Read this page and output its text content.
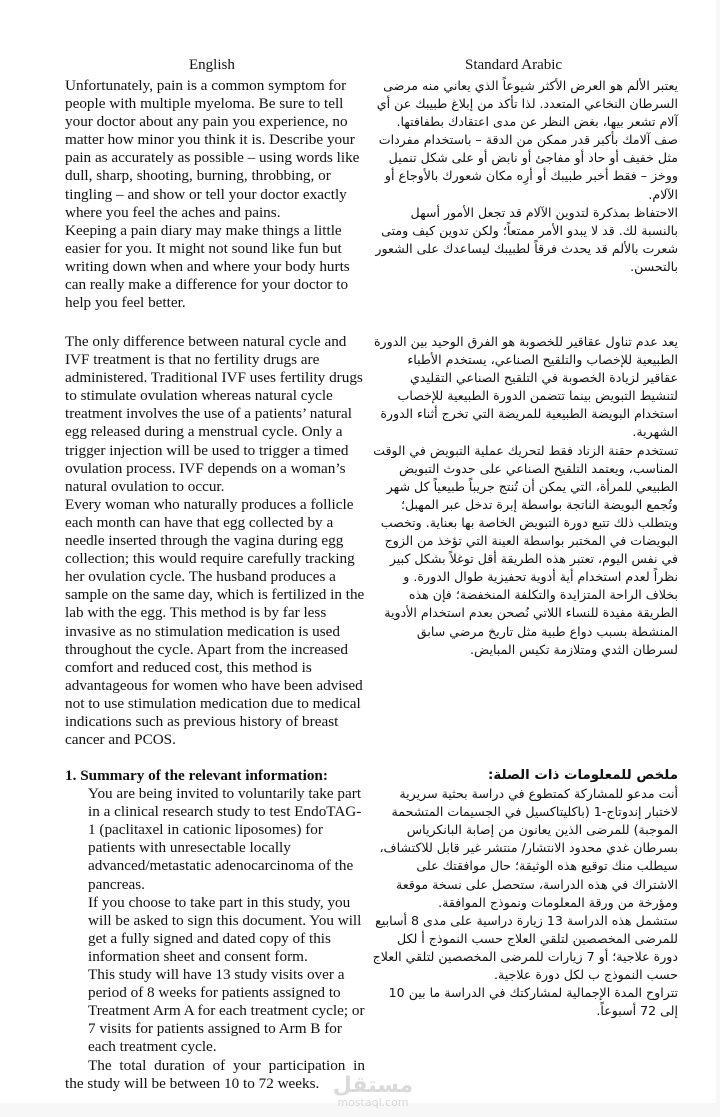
English	Standard Arabic

Unfortunately, pain is a common symptom for people with multiple myeloma. Be sure to tell your doctor about any pain you experience, no matter how minor you think it is. Describe your pain as accurately as possible – using words like dull, sharp, shooting, burning, throbbing, or tingling – and show or tell your doctor exactly where you feel the aches and pains.

Keeping a pain diary may make things a little easier for you. It might not sound like fun but writing down when and where your body hurts can really make a difference for your doctor to help you feel better.

يعتبر الألم هو العرض الأكثر شيوعاً الذي يعاني منه مرضى السرطان النخاعي المتعدد. لذا تأكد من إبلاغ طبيبك عن أي آلام تشعر بيها، بغض النظر عن مدى اعتقادك بطفافتها. صف آلامك بأكبر قدر ممكن من الدقة – باستخدام مفردات مثل خفيف أو حاد أو مفاجئ أو نابض أو على شكل تنميل ووخز – فقط أخبر طبيبك أو أرِه مكان شعورك بالأوجاع أو الآلام.

الاحتفاظ بمذكرة لتدوين الآلام قد تجعل الأمور أسهل بالنسبة لك. قد لا يبدو الأمر ممتعاً؛ ولكن تدوين كيف ومتى شعرت بالألم قد يحدث فرقاً لطبيبك ليساعدك على الشعور بالتحسن.

The only difference between natural cycle and IVF treatment is that no fertility drugs are administered. Traditional IVF uses fertility drugs to stimulate ovulation whereas natural cycle treatment involves the use of a patients’ natural egg released during a menstrual cycle. Only a trigger injection will be used to trigger a timed ovulation process. IVF depends on a woman’s natural ovulation to occur.

Every woman who naturally produces a follicle each month can have that egg collected by a needle inserted through the vagina during egg collection; this would require carefully tracking her ovulation cycle. The husband produces a sample on the same day, which is fertilized in the lab with the egg. This method is by far less invasive as no stimulation medication is used throughout the cycle. Apart from the increased comfort and reduced cost, this method is advantageous for women who have been advised not to use stimulation medication due to medical indications such as previous history of breast cancer and PCOS.

يعد عدم تناول عقاقير للخصوبة هو الفرق الوحيد بين الدورة الطبيعية للإخصاب والتلقيح الصناعي، يستخدم الأطباء عقاقير لزيادة الخصوبة في التلقيح الصناعي التقليدي لتنشيط التبويض بينما تتضمن الدورة الطبيعية للإخصاب استخدام البويضة الطبيعية للمريضة التي تخرج أثناء الدورة الشهرية.

تستخدم حقنة الزناد فقط لتحريك عملية التبويض في الوقت المناسب، ويعتمد التلقيح الصناعي على حدوث التبويض الطبيعي للمرأة، التي يمكن أن تُنتج جريباً طبيعياً كل شهر وتُجمع البويضة الناتجة بواسطة إبرة تدخل عبر المهبل؛ ويتطلب ذلك تتبع دورة التبويض الخاصة بها بعناية. وتخصب البويضات في المختبر بواسطة العينة التي تؤخذ من الزوج في نفس اليوم، تعتبر هذه الطريقة أقل توغلاً بشكل كبير نظراً لعدم استخدام أية أدوية تحفيزية طوال الدورة. و بخلاف الراحة المتزايدة والتكلفة المنخفضة؛ فإن هذه الطريقة مفيدة للنساء اللاتي نُصحن بعدم استخدام الأدوية المنشطة بسبب دواع طبية مثل تاريخ مرضي سابق لسرطان الثدي ومتلازمة تكيس المبايض.

1. Summary of the relevant information:

You are being invited to voluntarily take part in a clinical research study to test EndoTAG-1 (paclitaxel in cationic liposomes) for patients with unresectable locally advanced/metastatic adenocarcinoma of the pancreas.

If you choose to take part in this study, you will be asked to sign this document. You will get a fully signed and dated copy of this information sheet and consent form.

This study will have 13 study visits over a period of 8 weeks for patients assigned to Treatment Arm A for each treatment cycle; or 7 visits for patients assigned to Arm B for each treatment cycle.

The total duration of your participation in

the study will be between 10 to 72 weeks.

ملخص للمعلومات ذات الصلة:

أنت مدعو للمشاركة كمتطوع في دراسة بحثية سريرية لاختبار إندوتاج-1 (باكليتاكسيل في الجسيمات المتشحمة الموجبة) للمرضى الذين يعانون من إصابة البانكرياس بسرطان غدي محدود الانتشار/ منتشر غير قابل للاكتشاف،

سيطلب منك توقيع هذه الوثيقة؛ حال موافقتك على الاشتراك في هذه الدراسة، ستحصل على نسخة موقعة ومؤرخة من ورقة المعلومات ونموذج الموافقة.

ستشمل هذه الدراسة 13 زيارة دراسية على مدى 8 أسابيع للمرضى المخصصين لتلقي العلاج حسب النموذج أ لكل دورة علاجية؛ أو 7 زيارات للمرضى المخصصين لتلقي العلاج حسب النموذج ب لكل دورة علاجية.

تتراوح المدة الإجمالية لمشاركتك في الدراسة ما بين 10 إلى 72 أسبوعاً.

مستقل
mostaql.com
